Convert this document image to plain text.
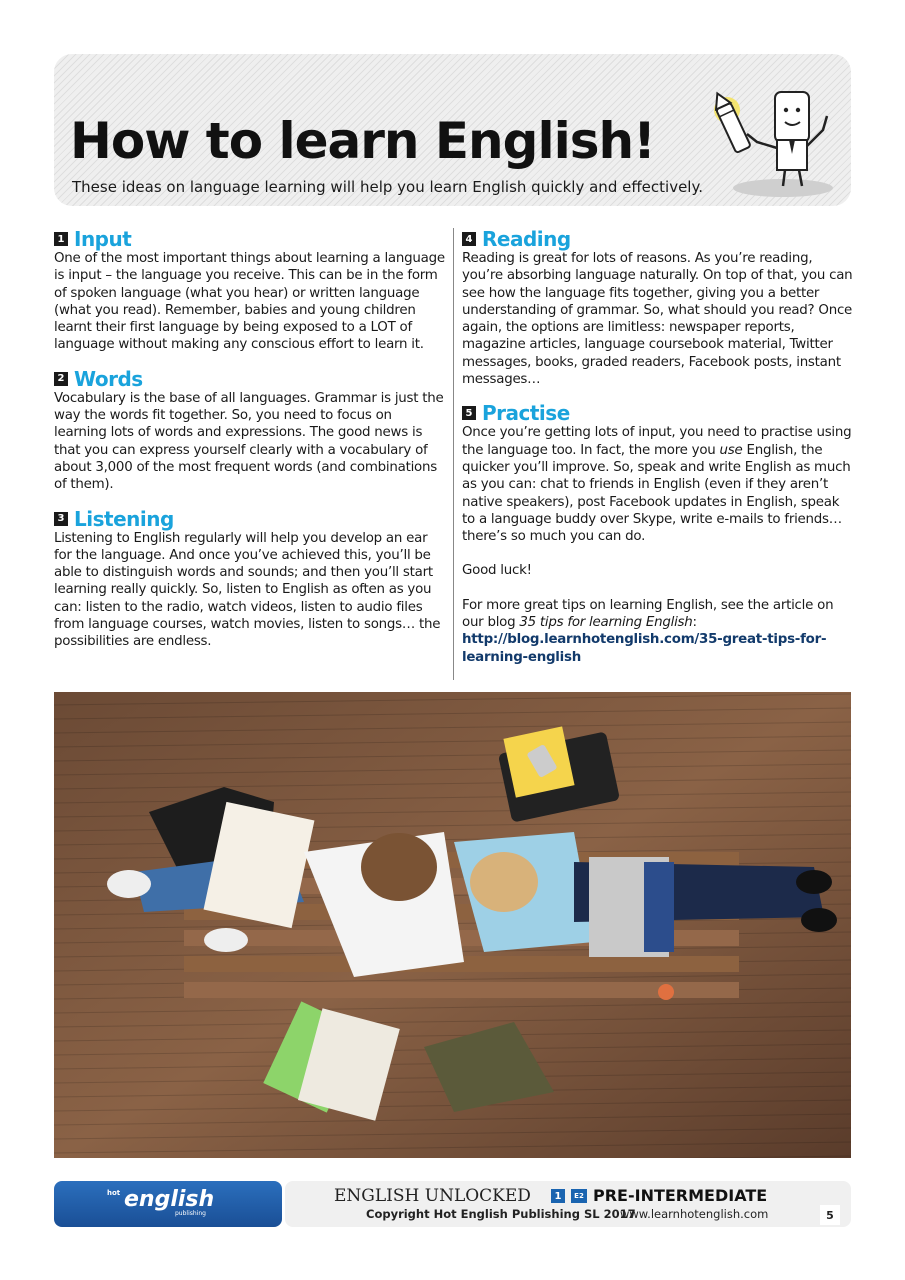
How to learn English!
These ideas on language learning will help you learn English quickly and effectively.
1 Input

One of the most important things about learning a language is input – the language you receive. This can be in the form of spoken language (what you hear) or written language (what you read). Remember, babies and young children learnt their first language by being exposed to a LOT of language without making any conscious effort to learn it.

2 Words

Vocabulary is the base of all languages. Grammar is just the way the words fit together. So, you need to focus on learning lots of words and expressions. The good news is that you can express yourself clearly with a vocabulary of about 3,000 of the most frequent words (and combinations of them).

3 Listening

Listening to English regularly will help you develop an ear for the language. And once you’ve achieved this, you’ll be able to distinguish words and sounds; and then you’ll start learning really quickly. So, listen to English as often as you can: listen to the radio, watch videos, listen to audio files from language courses, watch movies, listen to songs… the possibilities are endless.

4 Reading

Reading is great for lots of reasons. As you’re reading, you’re absorbing language naturally. On top of that, you can see how the language fits together, giving you a better understanding of grammar. So, what should you read? Once again, the options are limitless: newspaper reports, magazine articles, language coursebook material, Twitter messages, books, graded readers, Facebook posts, instant messages…

5 Practise

Once you’re getting lots of input, you need to practise using the language too. In fact, the more you use English, the quicker you’ll improve. So, speak and write English as much as you can: chat to friends in English (even if they aren’t native speakers), post Facebook updates in English, speak to a language buddy over Skype, write e-mails to friends… there’s so much you can do.

Good luck!

For more great tips on learning English, see the article on our blog 35 tips for learning English: http://blog.learnhotenglish.com/35-great-tips-for-learning-english

hot english
publishing
ENGLISH UNLOCKED	1	E2 PRE-INTERMEDIATE
Copyright Hot English Publishing SL 2017
www.learnhotenglish.com	5
